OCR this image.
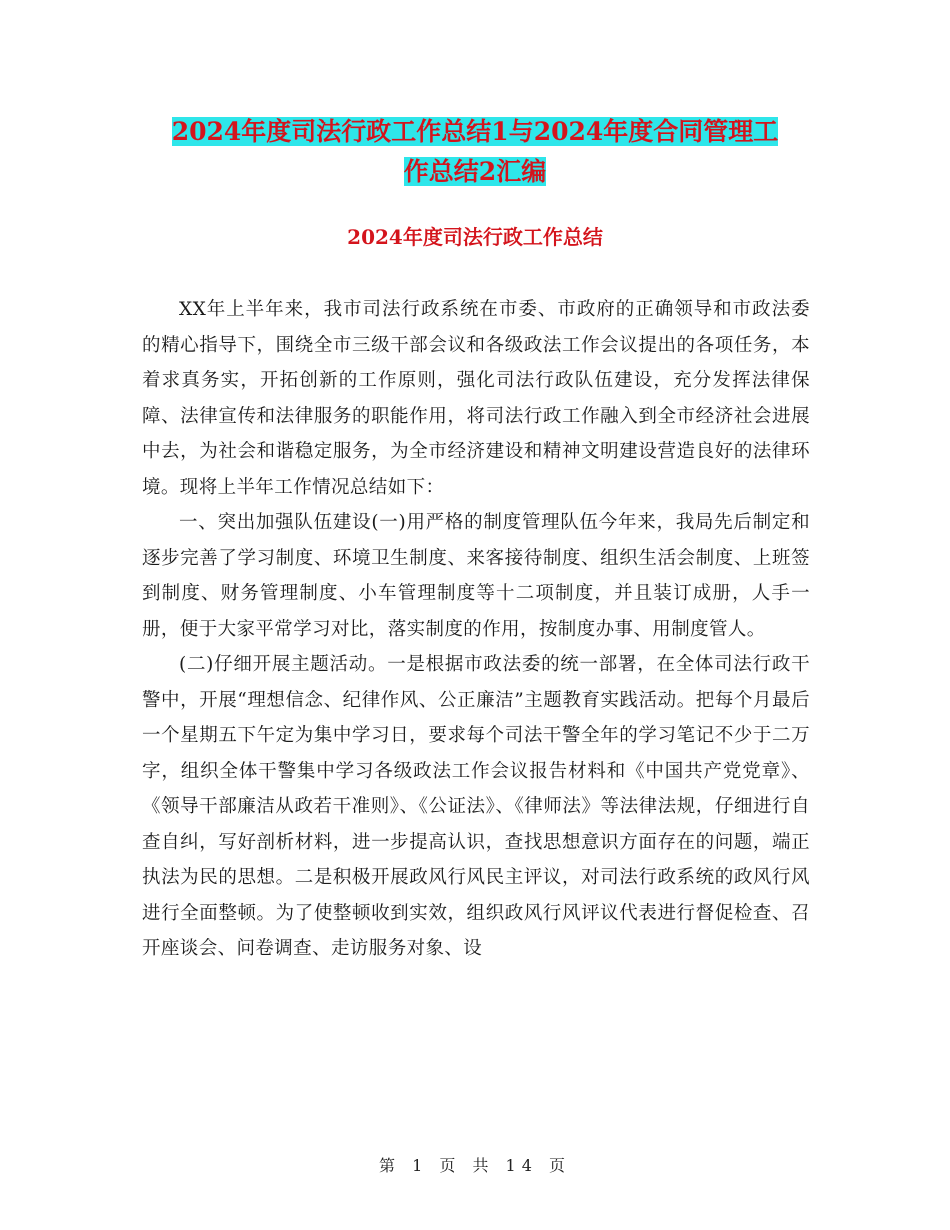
2024年度司法行政工作总结1与2024年度合同管理工
作总结2汇编
2024年度司法行政工作总结

XX年上半年来，我市司法行政系统在市委、市政府的正确领导和市政法委的精心指导下，围绕全市三级干部会议和各级政法工作会议提出的各项任务，本着求真务实，开拓创新的工作原则，强化司法行政队伍建设，充分发挥法律保障、法律宣传和法律服务的职能作用，将司法行政工作融入到全市经济社会进展中去，为社会和谐稳定服务，为全市经济建设和精神文明建设营造良好的法律环境。现将上半年工作情况总结如下：

一、突出加强队伍建设(一)用严格的制度管理队伍今年来，我局先后制定和逐步完善了学习制度、环境卫生制度、来客接待制度、组织生活会制度、上班签到制度、财务管理制度、小车管理制度等十二项制度，并且装订成册，人手一册，便于大家平常学习对比，落实制度的作用，按制度办事、用制度管人。

(二)仔细开展主题活动。一是根据市政法委的统一部署，在全体司法行政干警中，开展“理想信念、纪律作风、公正廉洁”主题教育实践活动。把每个月最后一个星期五下午定为集中学习日，要求每个司法干警全年的学习笔记不少于二万字，组织全体干警集中学习各级政法工作会议报告材料和《中国共产党党章》、《领导干部廉洁从政若干准则》、《公证法》、《律师法》等法律法规，仔细进行自查自纠，写好剖析材料，进一步提高认识，查找思想意识方面存在的问题，端正执法为民的思想。二是积极开展政风行风民主评议，对司法行政系统的政风行风进行全面整顿。为了使整顿收到实效，组织政风行风评议代表进行督促检查、召开座谈会、问卷调查、走访服务对象、设

第 1 页 共 14 页
